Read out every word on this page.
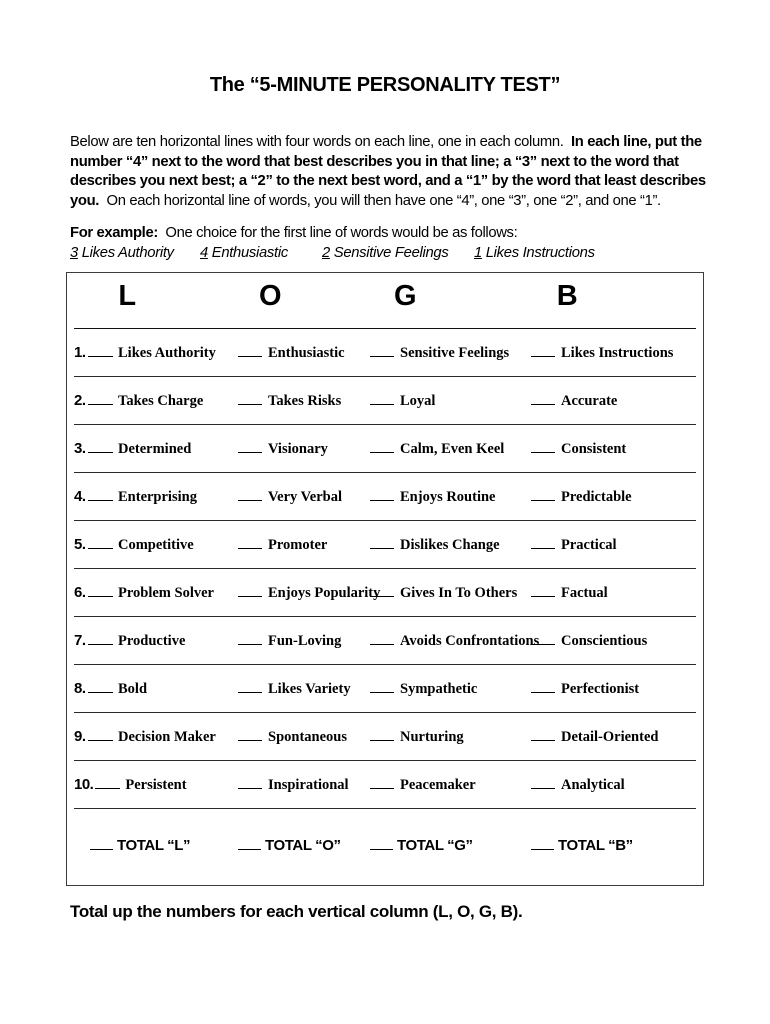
The “5-MINUTE PERSONALITY TEST”

Below are ten horizontal lines with four words on each line, one in each column.  In each line, put the number “4” next to the word that best describes you in that line; a “3” next to the word that describes you next best; a “2” to the next best word, and a “1” by the word that least describes you.  On each horizontal line of words, you will then have one “4”, one “3”, one “2”, and one “1”.

For example:  One choice for the first line of words would be as follows:

3 Likes Authority	4 Enthusiastic	2 Sensitive Feelings	1 Likes Instructions

L	O	G	B
1. Likes Authority	Enthusiastic	Sensitive Feelings	Likes Instructions
2. Takes Charge	Takes Risks	Loyal	Accurate
3. Determined	Visionary	Calm, Even Keel	Consistent
4. Enterprising	Very Verbal	Enjoys Routine	Predictable
5. Competitive	Promoter	Dislikes Change	Practical
6. Problem Solver	Enjoys Popularity	Gives In To Others	Factual
7. Productive	Fun-Loving	Avoids Confrontations	Conscientious
8. Bold	Likes Variety	Sympathetic	Perfectionist
9. Decision Maker	Spontaneous	Nurturing	Detail-Oriented
10. Persistent	Inspirational	Peacemaker	Analytical
TOTAL “L”	TOTAL “O”	TOTAL “G”	TOTAL “B”

Total up the numbers for each vertical column (L, O, G, B).
